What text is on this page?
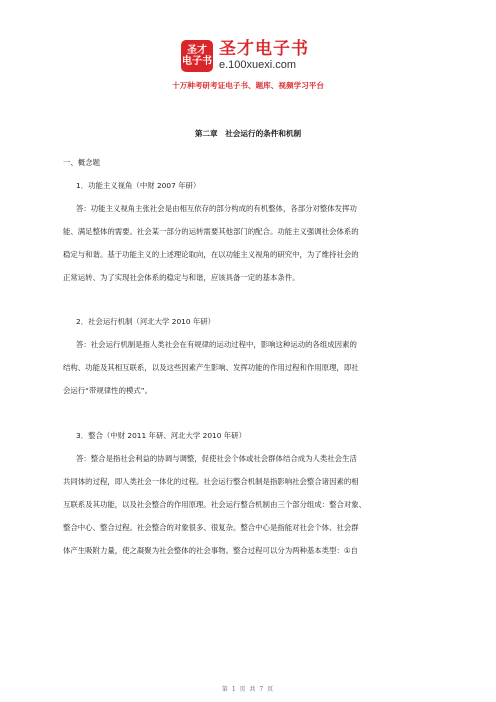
圣才
电子书
圣才电子书
e.100xuexi.com
十万种考研考证电子书、题库、视频学习平台
第二章　社会运行的条件和机制
一、概念题
1．功能主义视角（中财 2007 年研）
答：功能主义视角主张社会是由相互依存的部分构成的有机整体，各部分对整体发挥功
能、满足整体的需要。社会某一部分的运转需要其他部门的配合。功能主义强调社会体系的
稳定与和谐。基于功能主义的上述理论取向，在以功能主义视角的研究中，为了维持社会的
正常运转、为了实现社会体系的稳定与和谐，应该具备一定的基本条件。
2．社会运行机制（河北大学 2010 年研）
答：社会运行机制是指人类社会在有规律的运动过程中，影响这种运动的各组成因素的
结构、功能及其相互联系，以及这些因素产生影响、发挥功能的作用过程和作用原理，即社
会运行“带规律性的模式”。
3．整合（中财 2011 年研、河北大学 2010 年研）
答：整合是指社会利益的协调与调整，促使社会个体或社会群体结合成为人类社会生活
共同体的过程，即人类社会一体化的过程。社会运行整合机制是指影响社会整合诸因素的相
互联系及其功能，以及社会整合的作用原理。社会运行整合机制由三个部分组成：整合对象、
整合中心、整合过程。社会整合的对象很多、很复杂。整合中心是指能对社会个体、社会群
体产生吸附力量，使之凝聚为社会整体的社会事物。整合过程可以分为两种基本类型：①自
第 1 页 共 7 页
